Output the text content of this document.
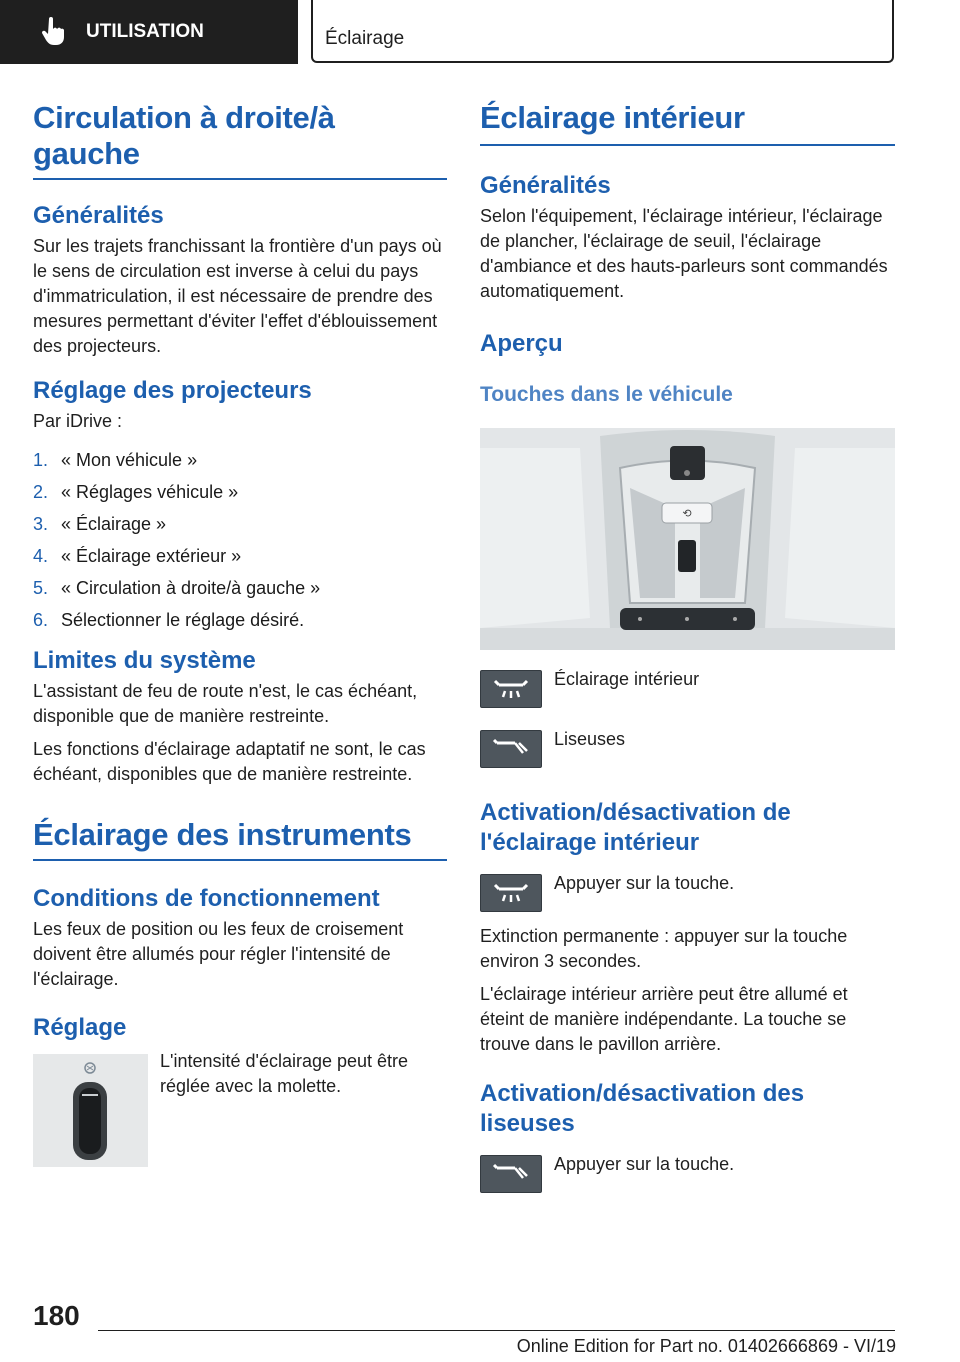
UTILISATION	Éclairage
Circulation à droite/à gauche
Généralités

Sur les trajets franchissant la frontière d'un pays où le sens de circulation est inverse à celui du pays d'immatriculation, il est nécessaire de prendre des mesures permettant d'éviter l'effet d'éblouissement des projecteurs.

Réglage des projecteurs

Par iDrive :

1. « Mon véhicule »
2. « Réglages véhicule »
3. « Éclairage »
4. « Éclairage extérieur »
5. « Circulation à droite/à gauche »
6. Sélectionner le réglage désiré.
Limites du système

L'assistant de feu de route n'est, le cas échéant, disponible que de manière restreinte.

Les fonctions d'éclairage adaptatif ne sont, le cas échéant, disponibles que de manière restreinte.

Éclairage des instruments
Conditions de fonctionnement

Les feux de position ou les feux de croisement doivent être allumés pour régler l'intensité de l'éclairage.

Réglage

L'intensité d'éclairage peut être réglée avec la molette.

Éclairage intérieur
Généralités

Selon l'équipement, l'éclairage intérieur, l'éclairage de plancher, l'éclairage de seuil, l'éclairage d'ambiance et des hauts-parleurs sont commandés automatiquement.

Aperçu
Touches dans le véhicule
⟲

Éclairage intérieur

Liseuses

Activation/désactivation de l'éclairage intérieur

Appuyer sur la touche.

Extinction permanente : appuyer sur la touche environ 3 secondes.

L'éclairage intérieur arrière peut être allumé et éteint de manière indépendante. La touche se trouve dans le pavillon arrière.

Activation/désactivation des liseuses

Appuyer sur la touche.

180
Online Edition for Part no. 01402666869 - VI/19
